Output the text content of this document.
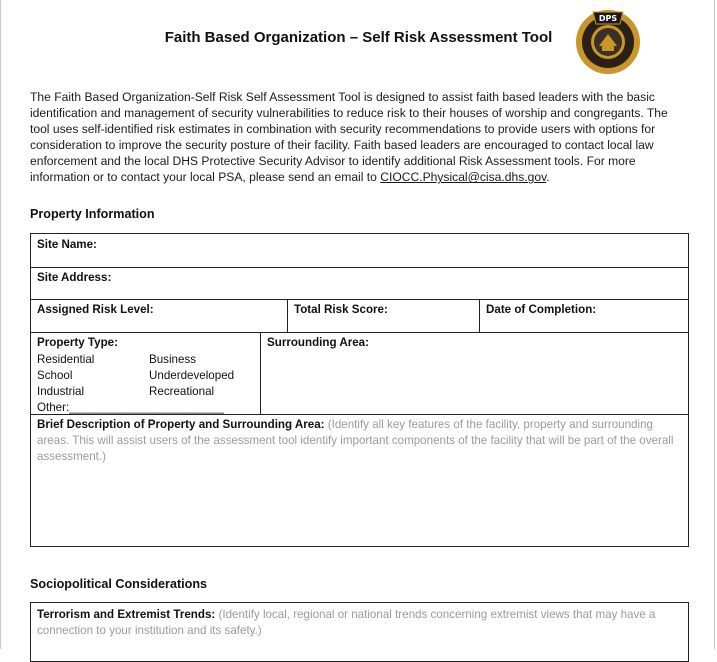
Faith Based Organization – Self Risk Assessment Tool
DPS
The Faith Based Organization-Self Risk Self Assessment Tool is designed to assist faith based leaders with the basic identification and management of security vulnerabilities to reduce risk to their houses of worship and congregants. The tool uses self-identified risk estimates in combination with security recommendations to provide users with options for consideration to improve the security posture of their facility. Faith based leaders are encouraged to contact local law enforcement and the local DHS Protective Security Advisor to identify additional Risk Assessment tools. For more information or to contact your local PSA, please send an email to CIOCC.Physical@cisa.dhs.gov.
Property Information
Site Name:
Site Address:
Assigned Risk Level:	Total Risk Score:	Date of Completion:
Property Type:
Residential
School
Industrial
Other:________________________
Business
Underdeveloped
Recreational
Surrounding Area:
Brief Description of Property and Surrounding Area: (Identify all key features of the facility, property and surrounding areas. This will assist users of the assessment tool identify important components of the facility that will be part of the overall assessment.)
Sociopolitical Considerations
Terrorism and Extremist Trends: (Identify local, regional or national trends concerning extremist views that may have a connection to your institution and its safety.)
